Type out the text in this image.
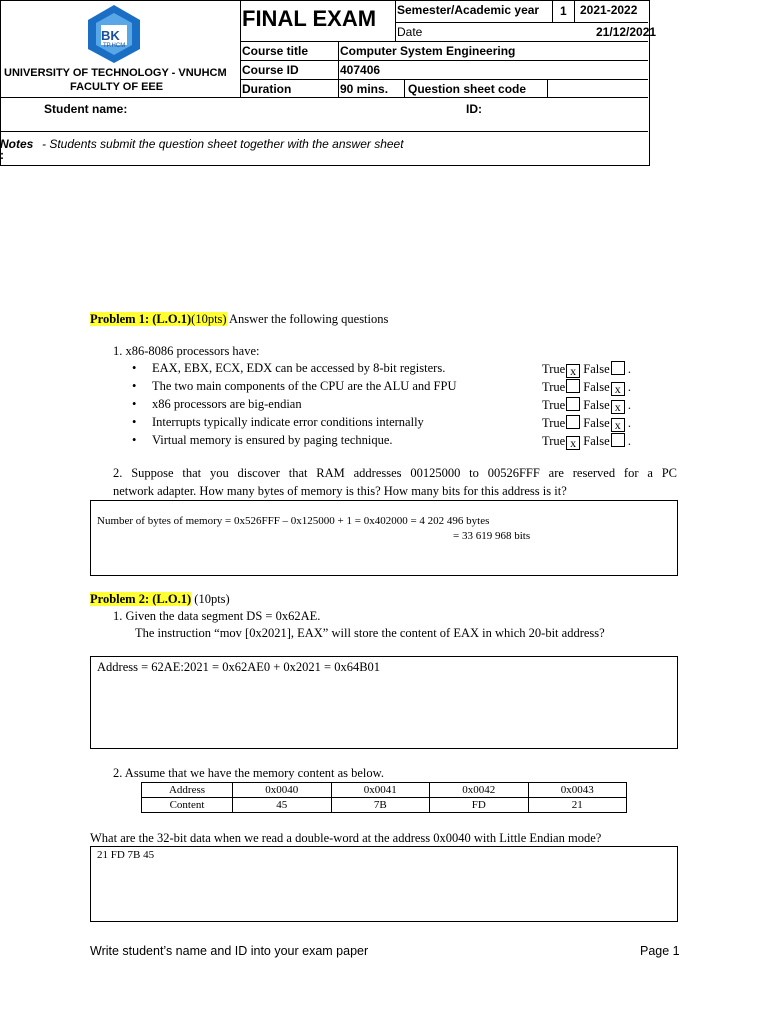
BK
TP.HCM
UNIVERSITY OF TECHNOLOGY - VNUHCM
FACULTY OF EEE
FINAL EXAM Semester/Academic year 1 2021-2022
Date	21/12/2021
Course title	Computer System Engineering
Course ID	407406
Duration	90 mins. Question sheet code
Student name:	ID:
Notes
:
- Students submit the question sheet together with the answer sheet
Problem 1: (L.O.1)(10pts) Answer the following questions
1. x86-8086 processors have:
• EAX, EBX, ECX, EDX can be accessed by 8-bit registers.	True x False .
• The two main components of the CPU are the ALU and FPU	True False x .
• x86 processors are big-endian	True False x .
• Interrupts typically indicate error conditions internally	True False x .
• Virtual memory is ensured by paging technique.	True x False .
2. Suppose that you discover that RAM addresses 00125000 to 00526FFF are reserved for a PC
network adapter. How many bytes of memory is this? How many bits for this address is it?
Number of bytes of memory = 0x526FFF – 0x125000 + 1 = 0x402000 = 4 202 496 bytes
= 33 619 968 bits
Problem 2: (L.O.1) (10pts)
1. Given the data segment DS = 0x62AE.
The instruction “mov [0x2021], EAX” will store the content of EAX in which 20-bit address?
Address = 62AE:2021 = 0x62AE0 + 0x2021 = 0x64B01
2. Assume that we have the memory content as below.
Address	0x0040	0x0041	0x0042	0x0043
Content	45	7B	FD	21
What are the 32-bit data when we read a double-word at the address 0x0040 with Little Endian mode?
21 FD 7B 45
Write student’s name and ID into your exam paper	Page 1
